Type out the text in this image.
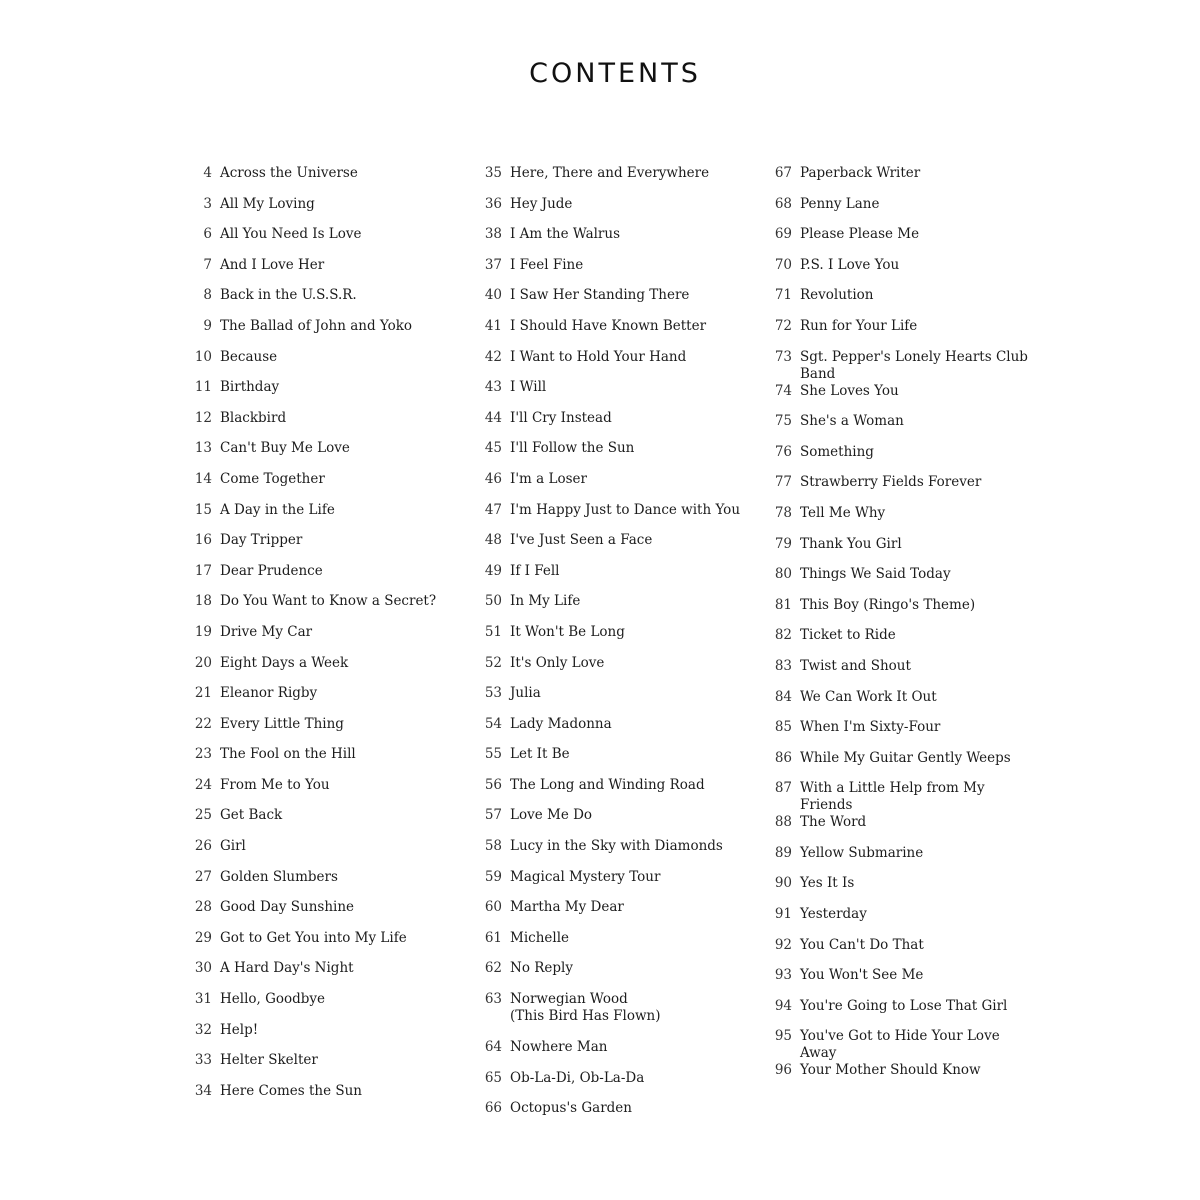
CONTENTS
4 Across the Universe
3 All My Loving
6 All You Need Is Love
7 And I Love Her
8 Back in the U.S.S.R.
9 The Ballad of John and Yoko
10 Because
11 Birthday
12 Blackbird
13 Can't Buy Me Love
14 Come Together
15 A Day in the Life
16 Day Tripper
17 Dear Prudence
18 Do You Want to Know a Secret?
19 Drive My Car
20 Eight Days a Week
21 Eleanor Rigby
22 Every Little Thing
23 The Fool on the Hill
24 From Me to You
25 Get Back
26 Girl
27 Golden Slumbers
28 Good Day Sunshine
29 Got to Get You into My Life
30 A Hard Day's Night
31 Hello, Goodbye
32 Help!
33 Helter Skelter
34 Here Comes the Sun
35 Here, There and Everywhere
36 Hey Jude
38 I Am the Walrus
37 I Feel Fine
40 I Saw Her Standing There
41 I Should Have Known Better
42 I Want to Hold Your Hand
43 I Will
44 I'll Cry Instead
45 I'll Follow the Sun
46 I'm a Loser
47 I'm Happy Just to Dance with You
48 I've Just Seen a Face
49 If I Fell
50 In My Life
51 It Won't Be Long
52 It's Only Love
53 Julia
54 Lady Madonna
55 Let It Be
56 The Long and Winding Road
57 Love Me Do
58 Lucy in the Sky with Diamonds
59 Magical Mystery Tour
60 Martha My Dear
61 Michelle
62 No Reply
63 Norwegian Wood
(This Bird Has Flown)
64 Nowhere Man
65 Ob-La-Di, Ob-La-Da
66 Octopus's Garden
67 Paperback Writer
68 Penny Lane
69 Please Please Me
70 P.S. I Love You
71 Revolution
72 Run for Your Life
73 Sgt. Pepper's Lonely Hearts Club Band
74 She Loves You
75 She's a Woman
76 Something
77 Strawberry Fields Forever
78 Tell Me Why
79 Thank You Girl
80 Things We Said Today
81 This Boy (Ringo's Theme)
82 Ticket to Ride
83 Twist and Shout
84 We Can Work It Out
85 When I'm Sixty-Four
86 While My Guitar Gently Weeps
87 With a Little Help from My Friends
88 The Word
89 Yellow Submarine
90 Yes It Is
91 Yesterday
92 You Can't Do That
93 You Won't See Me
94 You're Going to Lose That Girl
95 You've Got to Hide Your Love Away
96 Your Mother Should Know
